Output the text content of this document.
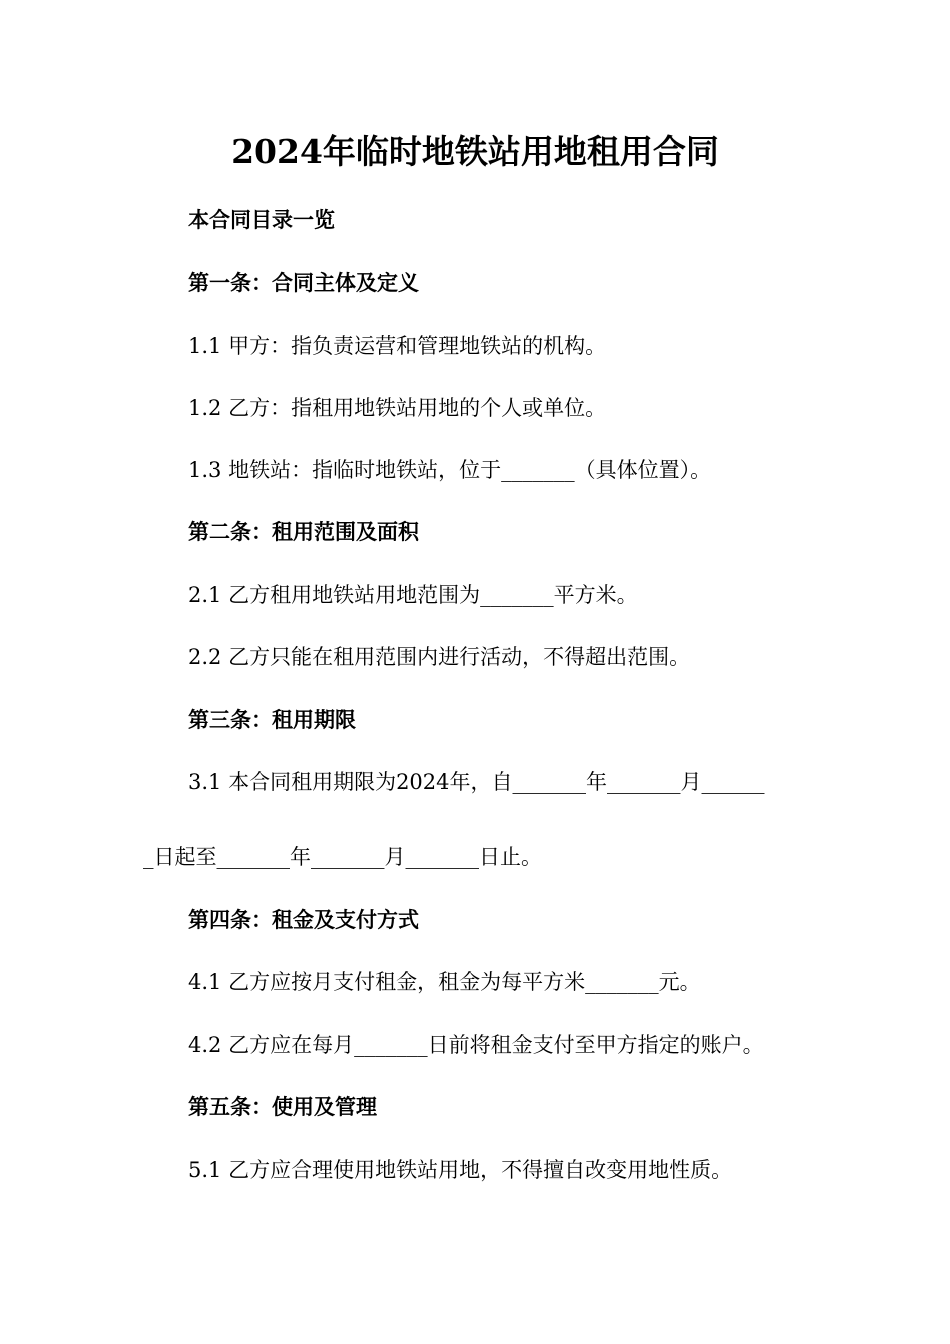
2024年临时地铁站用地租用合同
本合同目录一览
第一条：合同主体及定义
1.1 甲方：指负责运营和管理地铁站的机构。
1.2 乙方：指租用地铁站用地的个人或单位。
1.3 地铁站：指临时地铁站，位于_______（具体位置）。
第二条：租用范围及面积
2.1 乙方租用地铁站用地范围为_______平方米。
2.2 乙方只能在租用范围内进行活动，不得超出范围。
第三条：租用期限
3.1 本合同租用期限为2024年，自_______年_______月______
_日起至_______年_______月_______日止。
第四条：租金及支付方式
4.1 乙方应按月支付租金，租金为每平方米_______元。
4.2 乙方应在每月_______日前将租金支付至甲方指定的账户。
第五条：使用及管理
5.1 乙方应合理使用地铁站用地，不得擅自改变用地性质。
